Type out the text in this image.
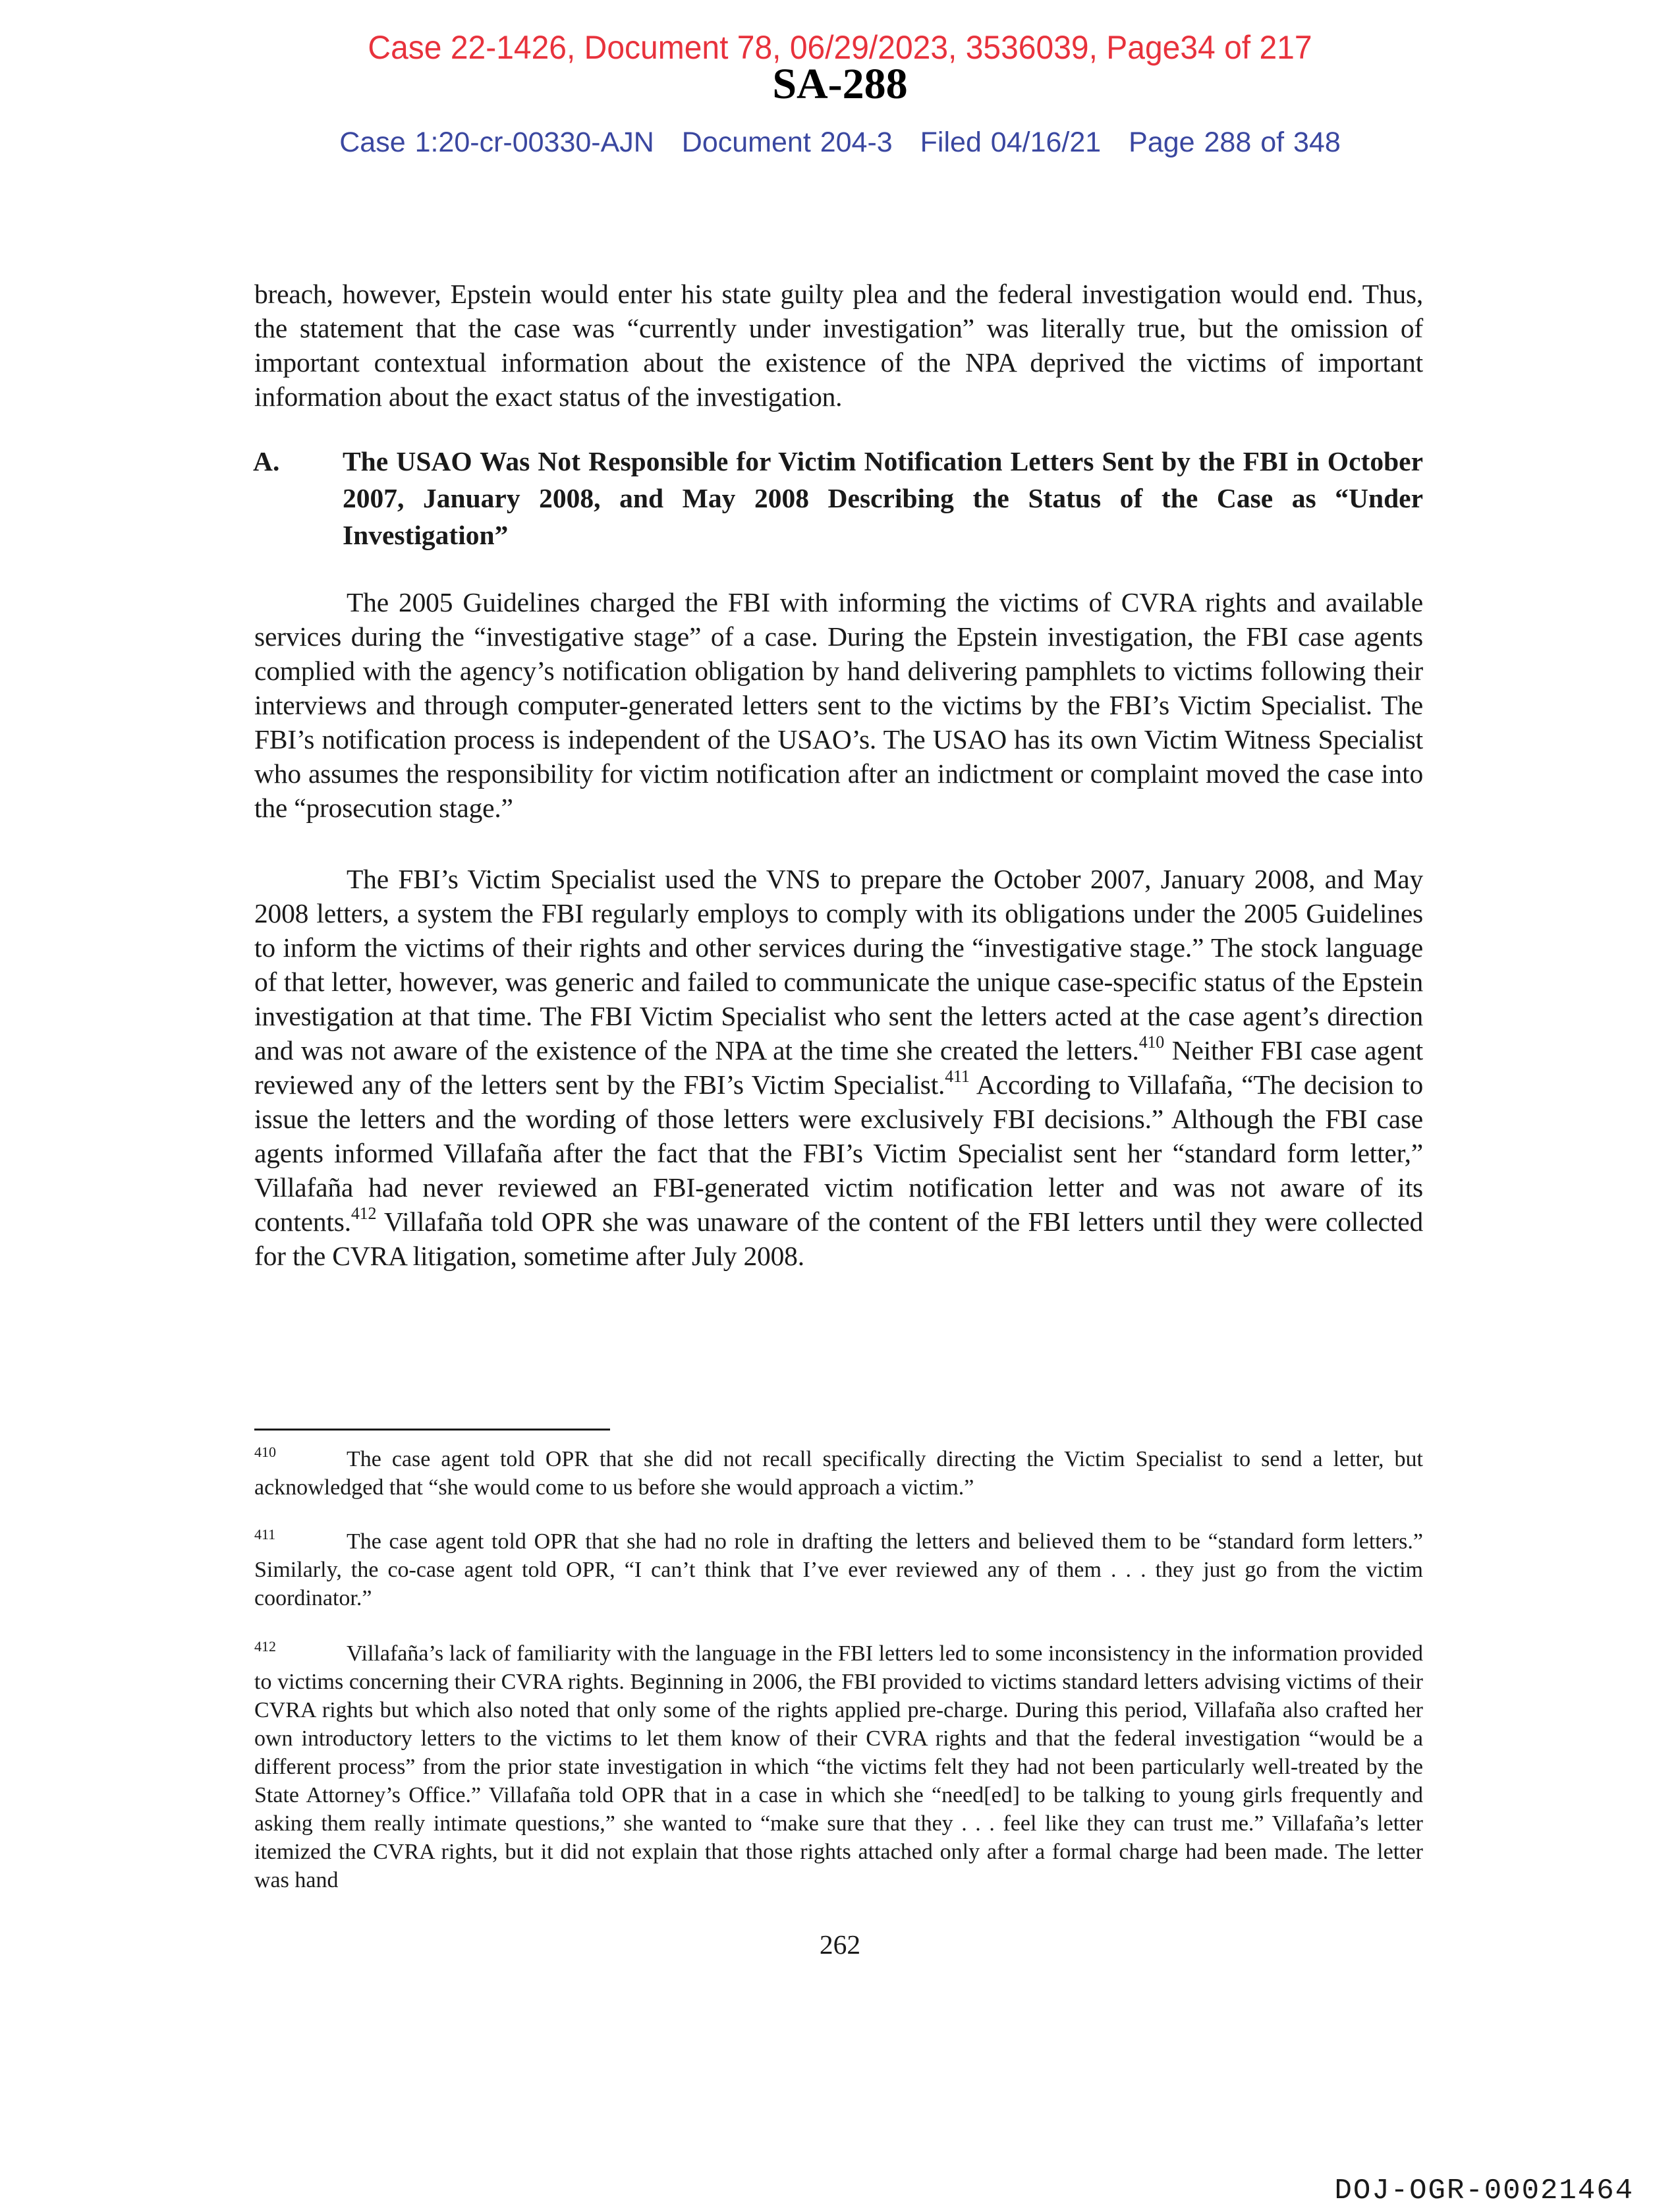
Case 22-1426, Document 78, 06/29/2023, 3536039, Page34 of 217
SA-288
Case 1:20-cr-00330-AJN Document 204-3 Filed 04/16/21 Page 288 of 348

breach, however, Epstein would enter his state guilty plea and the federal investigation would end. Thus, the statement that the case was “currently under investigation” was literally true, but the omission of important contextual information about the existence of the NPA deprived the victims of important information about the exact status of the investigation.

A. The USAO Was Not Responsible for Victim Notification Letters Sent by the FBI in October 2007, January 2008, and May 2008 Describing the Status of the Case as “Under Investigation”

The 2005 Guidelines charged the FBI with informing the victims of CVRA rights and available services during the “investigative stage” of a case. During the Epstein investigation, the FBI case agents complied with the agency’s notification obligation by hand delivering pamphlets to victims following their interviews and through computer-generated letters sent to the victims by the FBI’s Victim Specialist. The FBI’s notification process is independent of the USAO’s. The USAO has its own Victim Witness Specialist who assumes the responsibility for victim notification after an indictment or complaint moved the case into the “prosecution stage.”

The FBI’s Victim Specialist used the VNS to prepare the October 2007, January 2008, and May 2008 letters, a system the FBI regularly employs to comply with its obligations under the 2005 Guidelines to inform the victims of their rights and other services during the “investigative stage.” The stock language of that letter, however, was generic and failed to communicate the unique case-specific status of the Epstein investigation at that time. The FBI Victim Specialist who sent the letters acted at the case agent’s direction and was not aware of the existence of the NPA at the time she created the letters.$^{410}$ Neither FBI case agent reviewed any of the letters sent by the FBI’s Victim Specialist.$^{411}$ According to Villafaña, “The decision to issue the letters and the wording of those letters were exclusively FBI decisions.” Although the FBI case agents informed Villafaña after the fact that the FBI’s Victim Specialist sent her “standard form letter,” Villafaña had never reviewed an FBI-generated victim notification letter and was not aware of its contents.$^{412}$ Villafaña told OPR she was unaware of the content of the FBI letters until they were collected for the CVRA litigation, sometime after July 2008.

410	The case agent told OPR that she did not recall specifically directing the Victim Specialist to send a letter, but acknowledged that “she would come to us before she would approach a victim.”
411	The case agent told OPR that she had no role in drafting the letters and believed them to be “standard form letters.” Similarly, the co-case agent told OPR, “I can’t think that I’ve ever reviewed any of them . . . they just go from the victim coordinator.”
412	Villafaña’s lack of familiarity with the language in the FBI letters led to some inconsistency in the information provided to victims concerning their CVRA rights. Beginning in 2006, the FBI provided to victims standard letters advising victims of their CVRA rights but which also noted that only some of the rights applied pre-charge. During this period, Villafaña also crafted her own introductory letters to the victims to let them know of their CVRA rights and that the federal investigation “would be a different process” from the prior state investigation in which “the victims felt they had not been particularly well-treated by the State Attorney’s Office.” Villafaña told OPR that in a case in which she “need[ed] to be talking to young girls frequently and asking them really intimate questions,” she wanted to “make sure that they . . . feel like they can trust me.” Villafaña’s letter itemized the CVRA rights, but it did not explain that those rights attached only after a formal charge had been made. The letter was hand
262
DOJ-OGR-00021464
